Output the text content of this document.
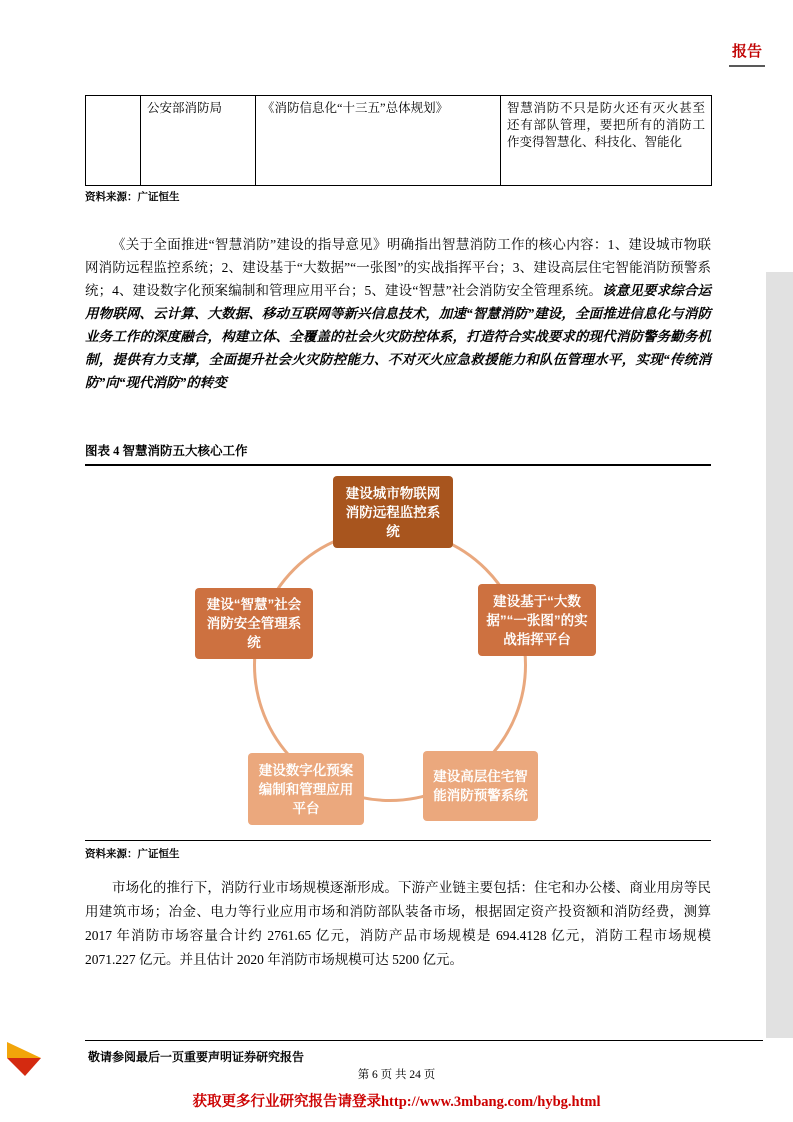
报告
	公安部消防局	《消防信息化“十三五”总体规划》	智慧消防不只是防火还有灭火甚至还有部队管理，要把所有的消防工作变得智慧化、科技化、智能化
资料来源：广证恒生

《关于全面推进“智慧消防”建设的指导意见》明确指出智慧消防工作的核心内容：1、建设城市物联网消防远程监控系统；2、建设基于“大数据”“一张图”的实战指挥平台；3、建设高层住宅智能消防预警系统；4、建设数字化预案编制和管理应用平台；5、建设“智慧”社会消防安全管理系统。该意见要求综合运用物联网、云计算、大数据、移动互联网等新兴信息技术，加速“智慧消防”建设，全面推进信息化与消防业务工作的深度融合，构建立体、全覆盖的社会火灾防控体系，打造符合实战要求的现代消防警务勤务机制，提供有力支撑，全面提升社会火灾防控能力、不对灭火应急救援能力和队伍管理水平，实现“传统消防”向“现代消防”的转变

图表 4 智慧消防五大核心工作
建设城市物联网消防远程监控系统
建设基于“大数据”“一张图”的实战指挥平台
建设“智慧”社会消防安全管理系统
建设高层住宅智能消防预警系统
建设数字化预案编制和管理应用平台
资料来源：广证恒生

市场化的推行下，消防行业市场规模逐渐形成。下游产业链主要包括：住宅和办公楼、商业用房等民用建筑市场；冶金、电力等行业应用市场和消防部队装备市场，根据固定资产投资额和消防经费，测算 2017 年消防市场容量合计约 2761.65 亿元，消防产品市场规模是 694.4128 亿元，消防工程市场规模 2071.227 亿元。并且估计 2020 年消防市场规模可达 5200 亿元。

敬请参阅最后一页重要声明证券研究报告
第 6 页 共 24 页
获取更多行业研究报告请登录http://www.3mbang.com/hybg.html
